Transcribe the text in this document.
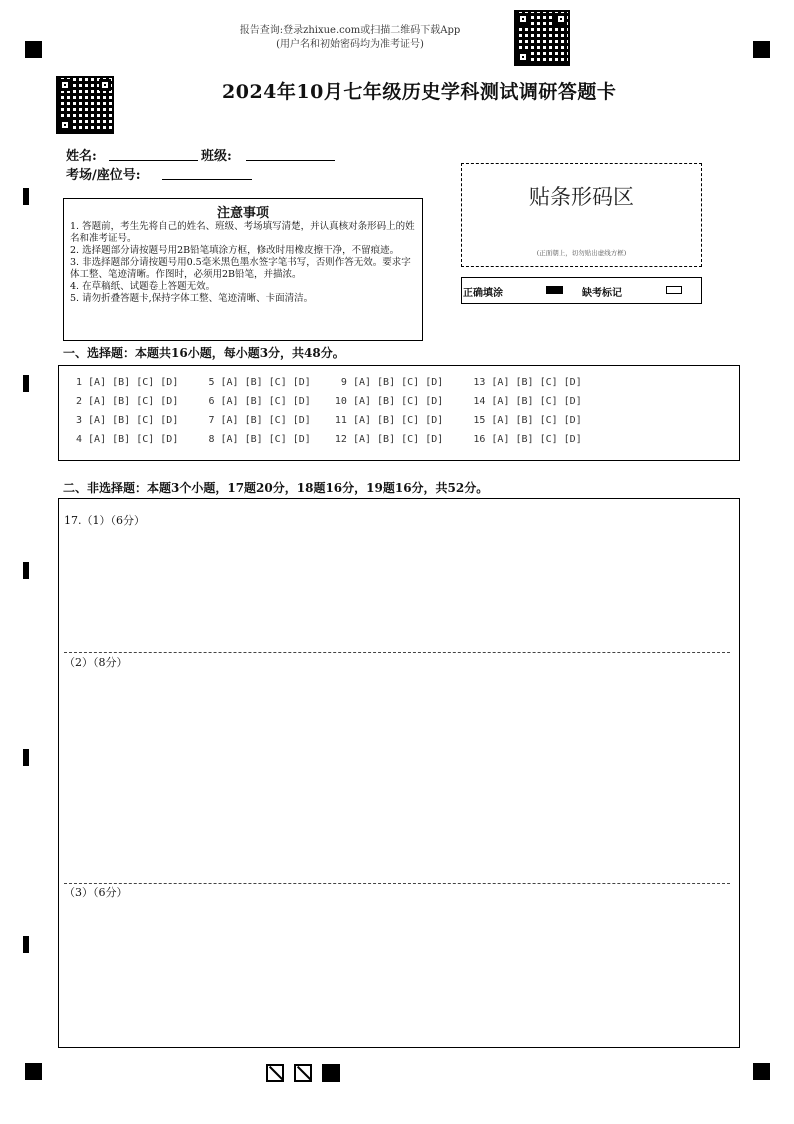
报告查询:登录zhixue.com或扫描二维码下载App
(用户名和初始密码均为准考证号)
2024年10月七年级历史学科测试调研答题卡
姓名:	班级:
考场/座位号:
注意事项
1. 答题前，考生先将自己的姓名、班级、考场填写清楚，并认真核对条形码上的姓名和准考证号。
2. 选择题部分请按题号用2B铅笔填涂方框，修改时用橡皮擦干净，不留痕迹。
3. 非选择题部分请按题号用0.5毫米黑色墨水签字笔书写，否则作答无效。要求字体工整、笔迹清晰。作图时，必须用2B铅笔，并描浓。
4. 在草稿纸、试题卷上答题无效。
5. 请勿折叠答题卡,保持字体工整、笔迹清晰、卡面清洁。
贴条形码区
(正面朝上，切勿贴出虚线方框)
正确填涂	缺考标记
一、选择题：本题共16小题，每小题3分，共48分。
1 [A] [B] [C] [D]     5 [A] [B] [C] [D]     9 [A] [B] [C] [D]     13 [A] [B] [C] [D]
2 [A] [B] [C] [D]     6 [A] [B] [C] [D]    10 [A] [B] [C] [D]     14 [A] [B] [C] [D]
3 [A] [B] [C] [D]     7 [A] [B] [C] [D]    11 [A] [B] [C] [D]     15 [A] [B] [C] [D]
4 [A] [B] [C] [D]     8 [A] [B] [C] [D]    12 [A] [B] [C] [D]     16 [A] [B] [C] [D]
二、非选择题：本题3个小题，17题20分，18题16分，19题16分，共52分。
17.（1）（6分）
（2）（8分）
（3）（6分）
